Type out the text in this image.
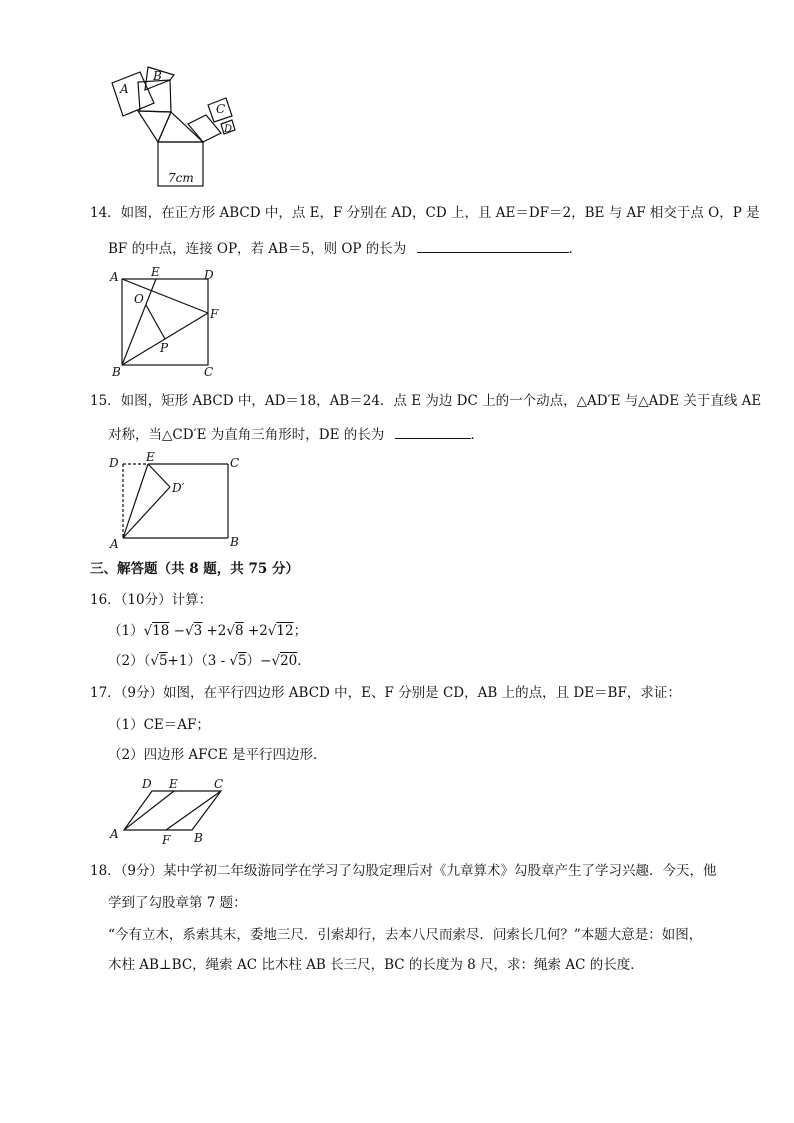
A
B
C
D
7cm
14．如图，在正方形 ABCD 中，点 E，F 分别在 AD，CD 上，且 AE＝DF＝2，BE 与 AF 相交于点 O，P 是
BF 的中点，连接 OP，若 AB＝5，则 OP 的长为	．
A	E	D
O
F
P
B	C
15．如图，矩形 ABCD 中，AD＝18，AB＝24．点 E 为边 DC 上的一个动点，△AD′E 与△ADE 关于直线 AE
对称，当△CD′E 为直角三角形时，DE 的长为	．
D E	C
D′
A	B
三、解答题（共 8 题，共 75 分）
16．（10分）计算：
（1）√18 −√3 +2√8 +2√12；
（2）（√5+1）（3 - √5）−√20．
17．（9分）如图，在平行四边形 ABCD 中，E、F 分别是 CD，AB 上的点，且 DE＝BF，求证：
（1）CE＝AF；
（2）四边形 AFCE 是平行四边形．
D E	C
A	F B
18．（9分）某中学初二年级游同学在学习了勾股定理后对《九章算术》勾股章产生了学习兴趣．今天，他
学到了勾股章第 7 题：
“今有立木，系索其末，委地三尺．引索却行，去本八尺而索尽．问索长几何？”本题大意是：如图，
木柱 AB⊥BC，绳索 AC 比木柱 AB 长三尺，BC 的长度为 8 尺，求：绳索 AC 的长度．
